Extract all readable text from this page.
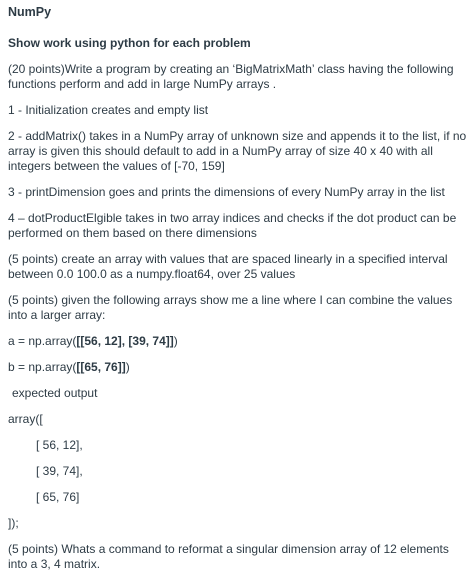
NumPy
Show work using python for each problem

(20 points)Write a program by creating an ‘BigMatrixMath’ class having the following functions perform and add in large NumPy arrays .

1 - Initialization creates and empty list

2 - addMatrix() takes in a NumPy array of unknown size and appends it to the list, if no array is given this should default to add in a NumPy array of size 40 x 40 with all integers between the values of [-70, 159]

3 - printDimension goes and prints the dimensions of every NumPy array in the list

4 – dotProductElgible takes in two array indices and checks if the dot product can be performed on them based on there dimensions

(5 points) create an array with values that are spaced linearly in a specified interval between 0.0 100.0 as a numpy.float64, over 25 values

(5 points) given the following arrays show me a line where I can combine the values into a larger array:

a = np.array([[56, 12], [39, 74]])
b = np.array([[65, 76]])
expected output
array([
[ 56, 12],
[ 39, 74],
[ 65, 76]
]);

(5 points) Whats a command to reformat a singular dimension array of 12 elements into a 3, 4 matrix.
